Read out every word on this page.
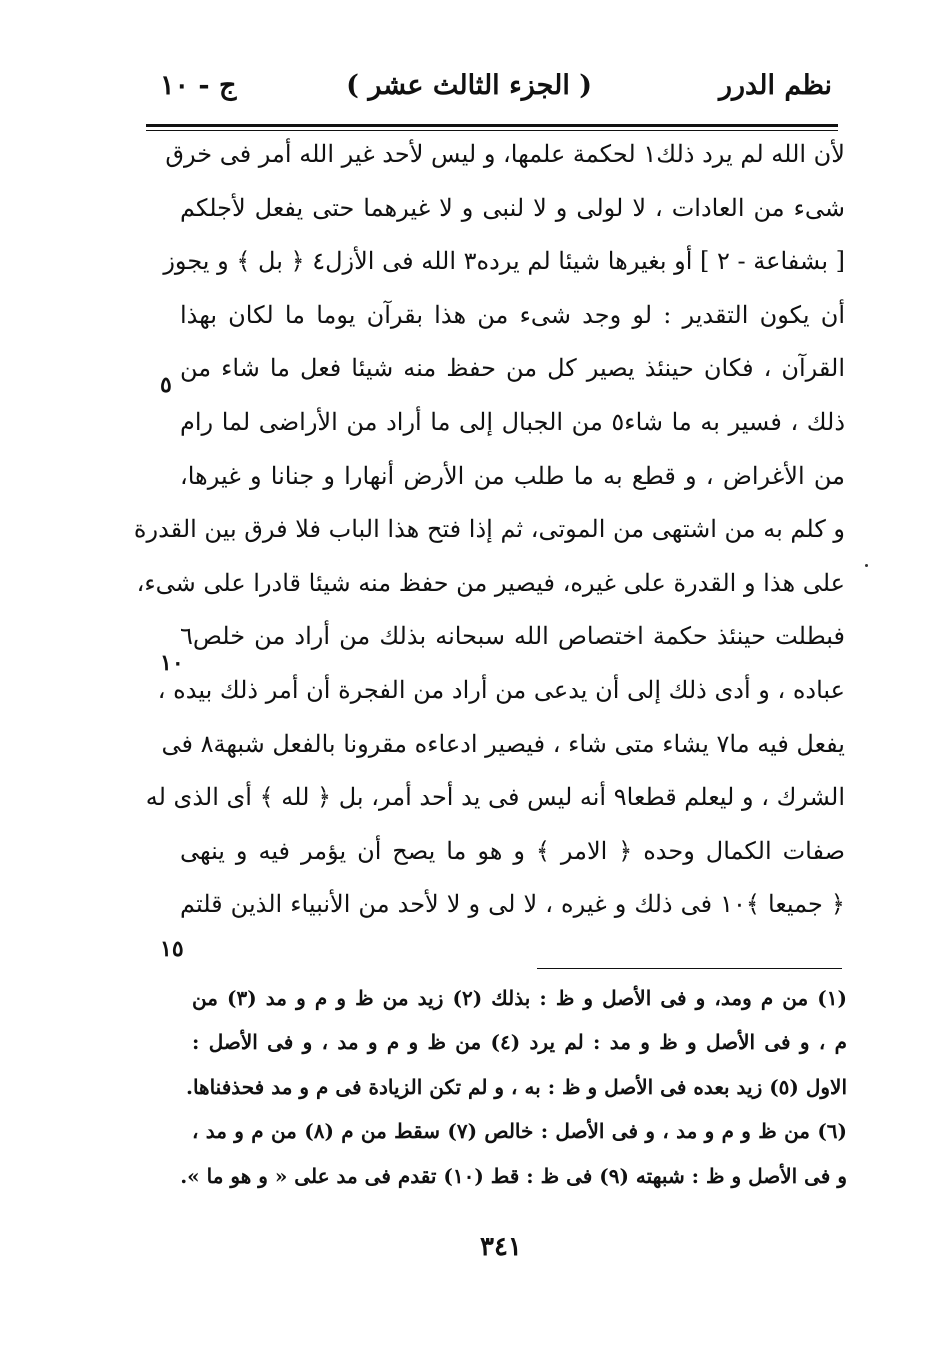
نظم الدرر
( الجزء الثالث عشر )
ج - ١٠
لأن الله لم يرد ذلك١ لحكمة علمها، و ليس لأحد غير الله أمر فى خرق
شىء من العادات ، لا لولى و لا لنبى و لا غيرهما حتى يفعل لأجلكم
[ بشفاعة - ٢ ] أو بغيرها شيئا لم يرده٣ الله فى الأزل٤ ﴿ بل ﴾ و يجوز
أن يكون التقدير : لو وجد شىء من هذا بقرآن يوما ما لكان بهذا
القرآن ، فكان حينئذ يصير كل من حفظ منه شيئا فعل ما شاء من
ذلك ، فسير به ما شاء٥ من الجبال إلى ما أراد من الأراضى لما رام
من الأغراض ، و قطع به ما طلب من الأرض أنهارا و جنانا و غيرها،
و كلم به من اشتهى من الموتى، ثم إذا فتح هذا الباب فلا فرق بين القدرة
على هذا و القدرة على غيره، فيصير من حفظ منه شيئا قادرا على شىء،
فبطلت حينئذ حكمة اختصاص الله سبحانه بذلك من أراد من خلص٦
عباده ، و أدى ذلك إلى أن يدعى من أراد من الفجرة أن أمر ذلك بيده ،
يفعل فيه ما٧ يشاء متى شاء ، فيصير ادعاءه مقرونا بالفعل شبهة٨ فى
الشرك ، و ليعلم قطعا٩ أنه ليس فى يد أحد أمر، بل ﴿ لله ﴾ أى الذى له
صفات الكمال وحده ﴿ الامر ﴾ و هو ما يصح أن يؤمر فيه و ينهى
﴿ جميعا ﴾١٠ فى ذلك و غيره ، لا لى و لا لأحد من الأنبياء الذين قلتم
٥
١٠
١٥
(١) من م ومد، و فى الأصل و ظ : بذلك (٢) زيد من ظ و م و مد (٣) من
م ، و فى الأصل و ظ و مد : لم يرد (٤) من ظ و م و مد ، و فى الأصل :
الاول (٥) زيد بعده فى الأصل و ظ : به ، و لم تكن الزيادة فى م و مد فحذفناها.
(٦) من ظ و م و مد ، و فى الأصل : خالص (٧) سقط من م (٨) من م و مد ،
و فى الأصل و ظ : شبهته (٩) فى ظ : قط (١٠) تقدم فى مد على « و هو ما ».
٣٤١
